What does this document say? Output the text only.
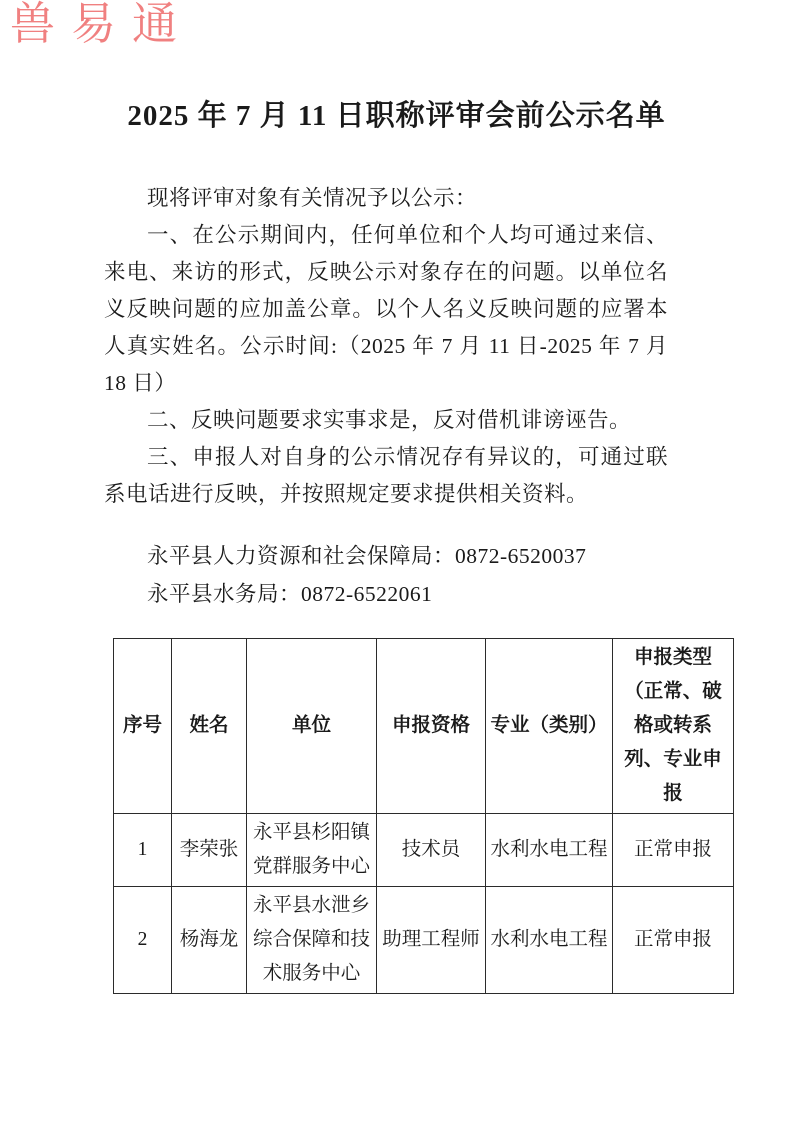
兽易通
2025 年 7 月 11 日职称评审会前公示名单

现将评审对象有关情况予以公示：

一、在公示期间内，任何单位和个人均可通过来信、来电、来访的形式，反映公示对象存在的问题。以单位名义反映问题的应加盖公章。以个人名义反映问题的应署本人真实姓名。公示时间:（2025 年 7 月 11 日-2025 年 7 月 18 日）

二、反映问题要求实事求是，反对借机诽谤诬告。

三、申报人对自身的公示情况存有异议的，可通过联系电话进行反映，并按照规定要求提供相关资料。

永平县人力资源和社会保障局：0872-6520037

永平县水务局：0872-6522061

序号	姓名	单位	申报资格	专业（类别）	申报类型（正常、破格或转系列、专业申报
1	李荣张	永平县杉阳镇党群服务中心	技术员	水利水电工程	正常申报
2	杨海龙	永平县水泄乡综合保障和技术服务中心	助理工程师	水利水电工程	正常申报
